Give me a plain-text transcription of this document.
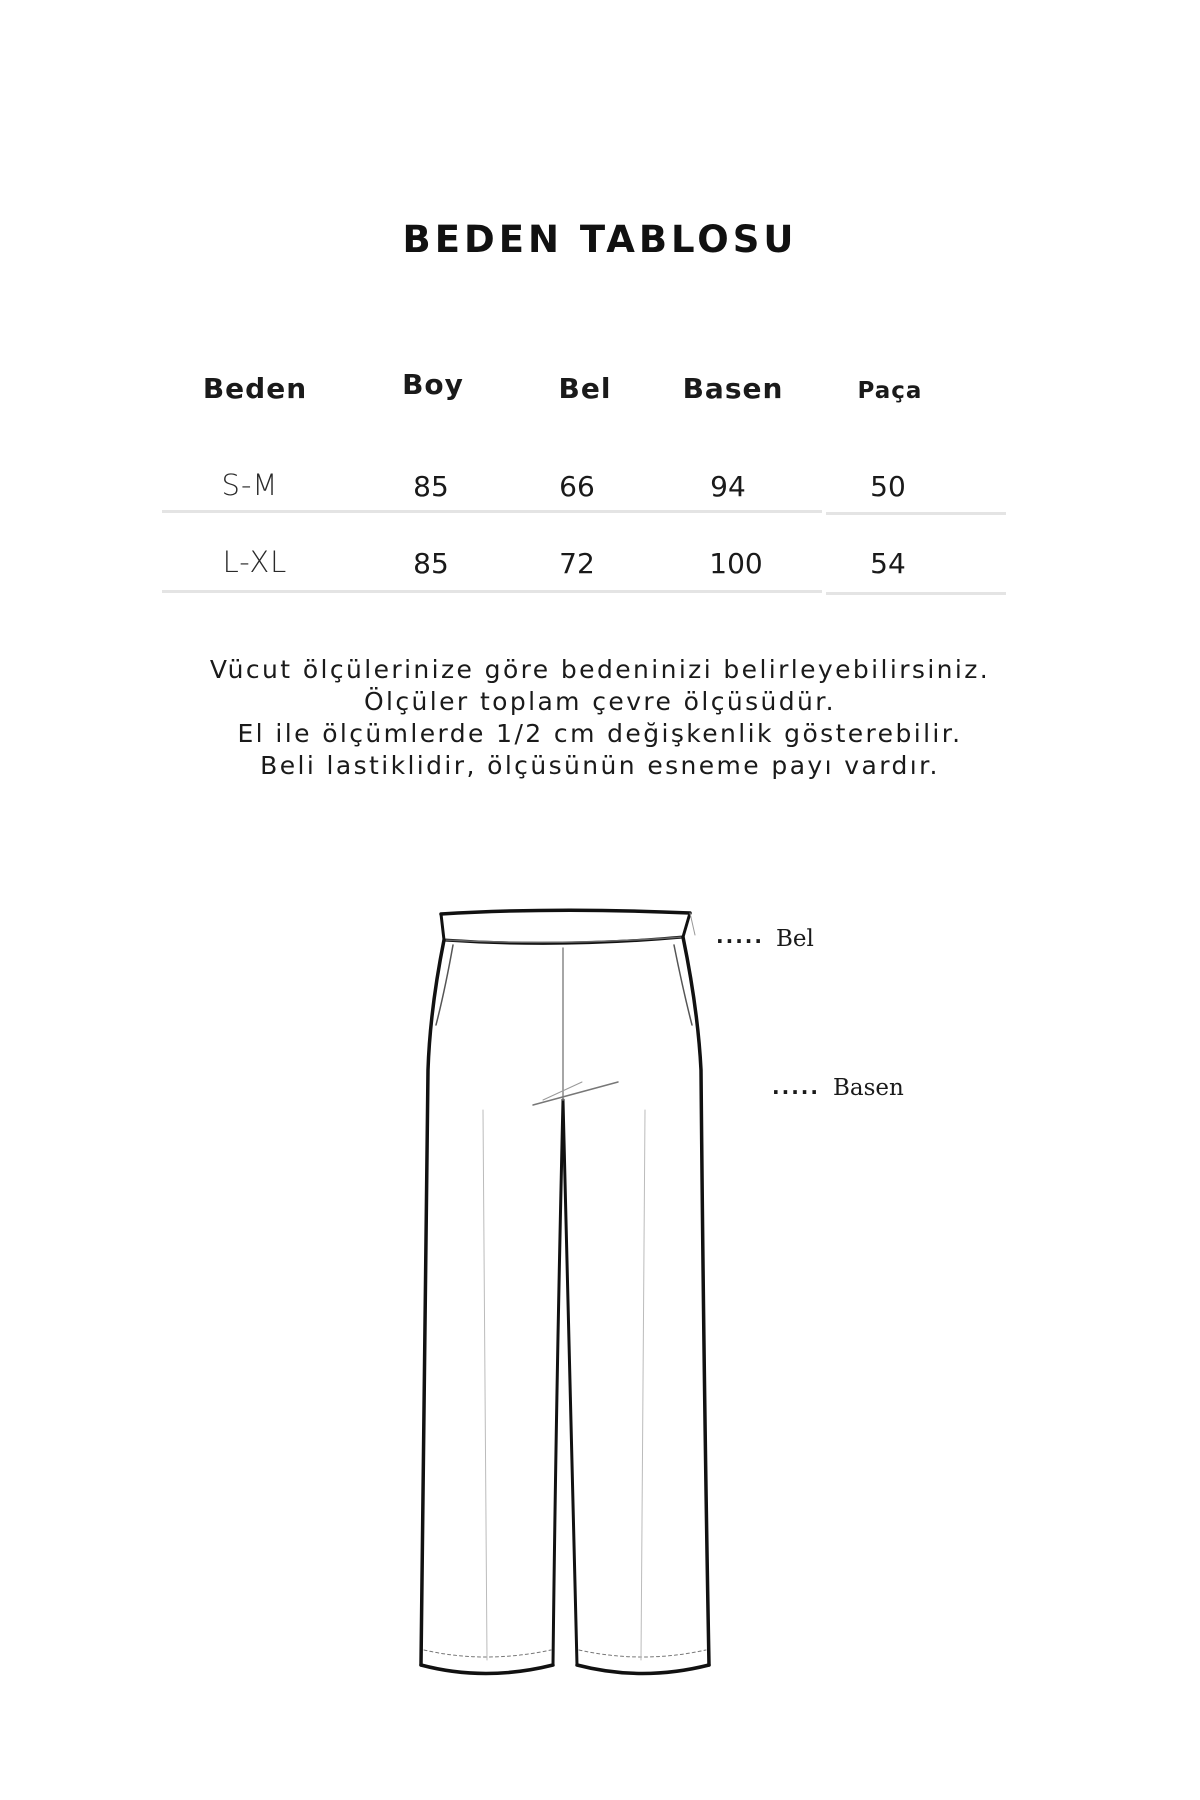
BEDEN TABLOSU
Beden	Boy	Bel	Basen	Paça
S-M	85	66	94	50
L-XL	85	72	100	54
Vücut ölçülerinize göre bedeninizi belirleyebilirsiniz.
Ölçüler toplam çevre ölçüsüdür.
El ile ölçümlerde 1/2 cm değişkenlik gösterebilir.
Beli lastiklidir, ölçüsünün esneme payı vardır.
..... Bel
..... Basen
